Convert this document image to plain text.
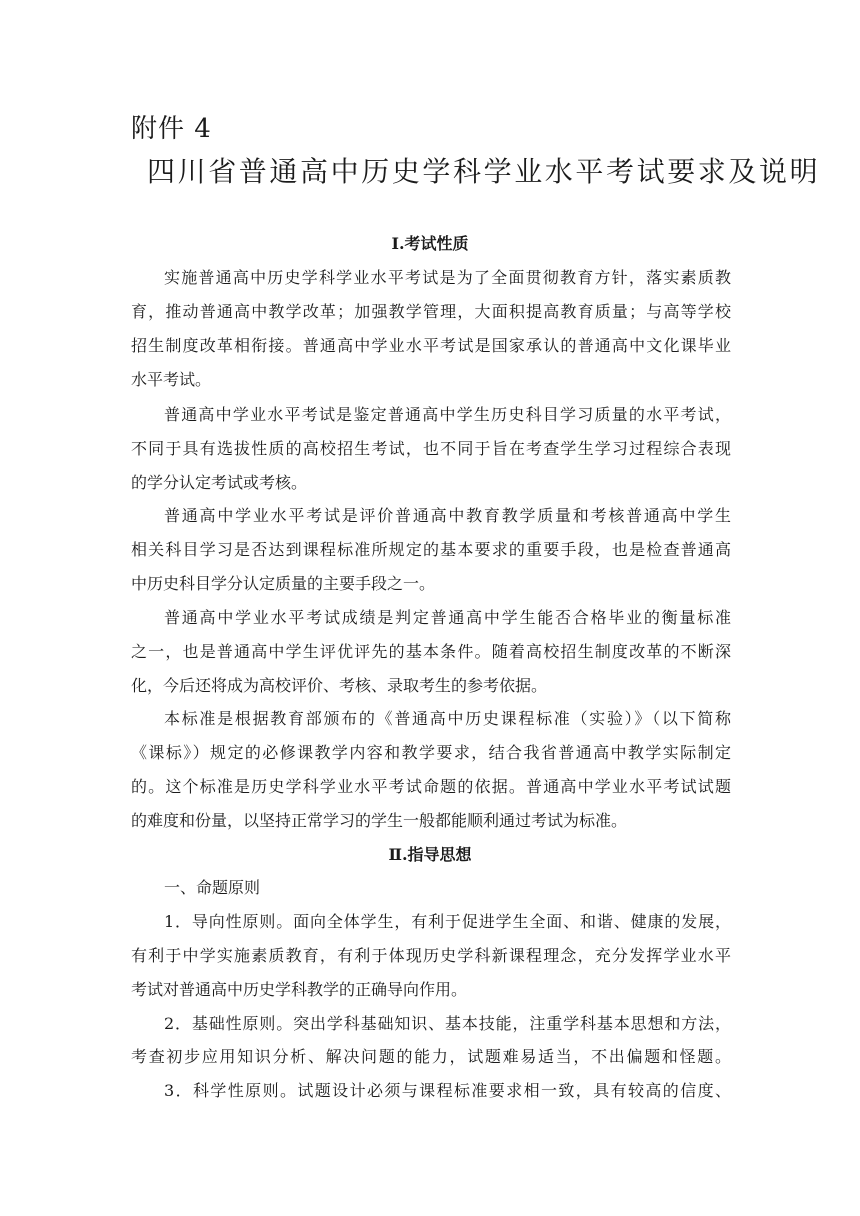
附件 4
四川省普通高中历史学科学业水平考试要求及说明
Ⅰ.考试性质
实施普通高中历史学科学业水平考试是为了全面贯彻教育方针，落实素质教
育，推动普通高中教学改革；加强教学管理，大面积提高教育质量；与高等学校
招生制度改革相衔接。普通高中学业水平考试是国家承认的普通高中文化课毕业
水平考试。
普通高中学业水平考试是鉴定普通高中学生历史科目学习质量的水平考试，
不同于具有选拔性质的高校招生考试，也不同于旨在考查学生学习过程综合表现
的学分认定考试或考核。
普通高中学业水平考试是评价普通高中教育教学质量和考核普通高中学生
相关科目学习是否达到课程标准所规定的基本要求的重要手段，也是检查普通高
中历史科目学分认定质量的主要手段之一。
普通高中学业水平考试成绩是判定普通高中学生能否合格毕业的衡量标准
之一，也是普通高中学生评优评先的基本条件。随着高校招生制度改革的不断深
化，今后还将成为高校评价、考核、录取考生的参考依据。
本标准是根据教育部颁布的《普通高中历史课程标准（实验）》（以下简称
《课标》）规定的必修课教学内容和教学要求，结合我省普通高中教学实际制定
的。这个标准是历史学科学业水平考试命题的依据。普通高中学业水平考试试题
的难度和份量，以坚持正常学习的学生一般都能顺利通过考试为标准。
Ⅱ.指导思想
一、命题原则
1．导向性原则。面向全体学生，有利于促进学生全面、和谐、健康的发展，
有利于中学实施素质教育，有利于体现历史学科新课程理念，充分发挥学业水平
考试对普通高中历史学科教学的正确导向作用。
2．基础性原则。突出学科基础知识、基本技能，注重学科基本思想和方法，
考查初步应用知识分析、解决问题的能力，试题难易适当，不出偏题和怪题。
3．科学性原则。试题设计必须与课程标准要求相一致，具有较高的信度、
